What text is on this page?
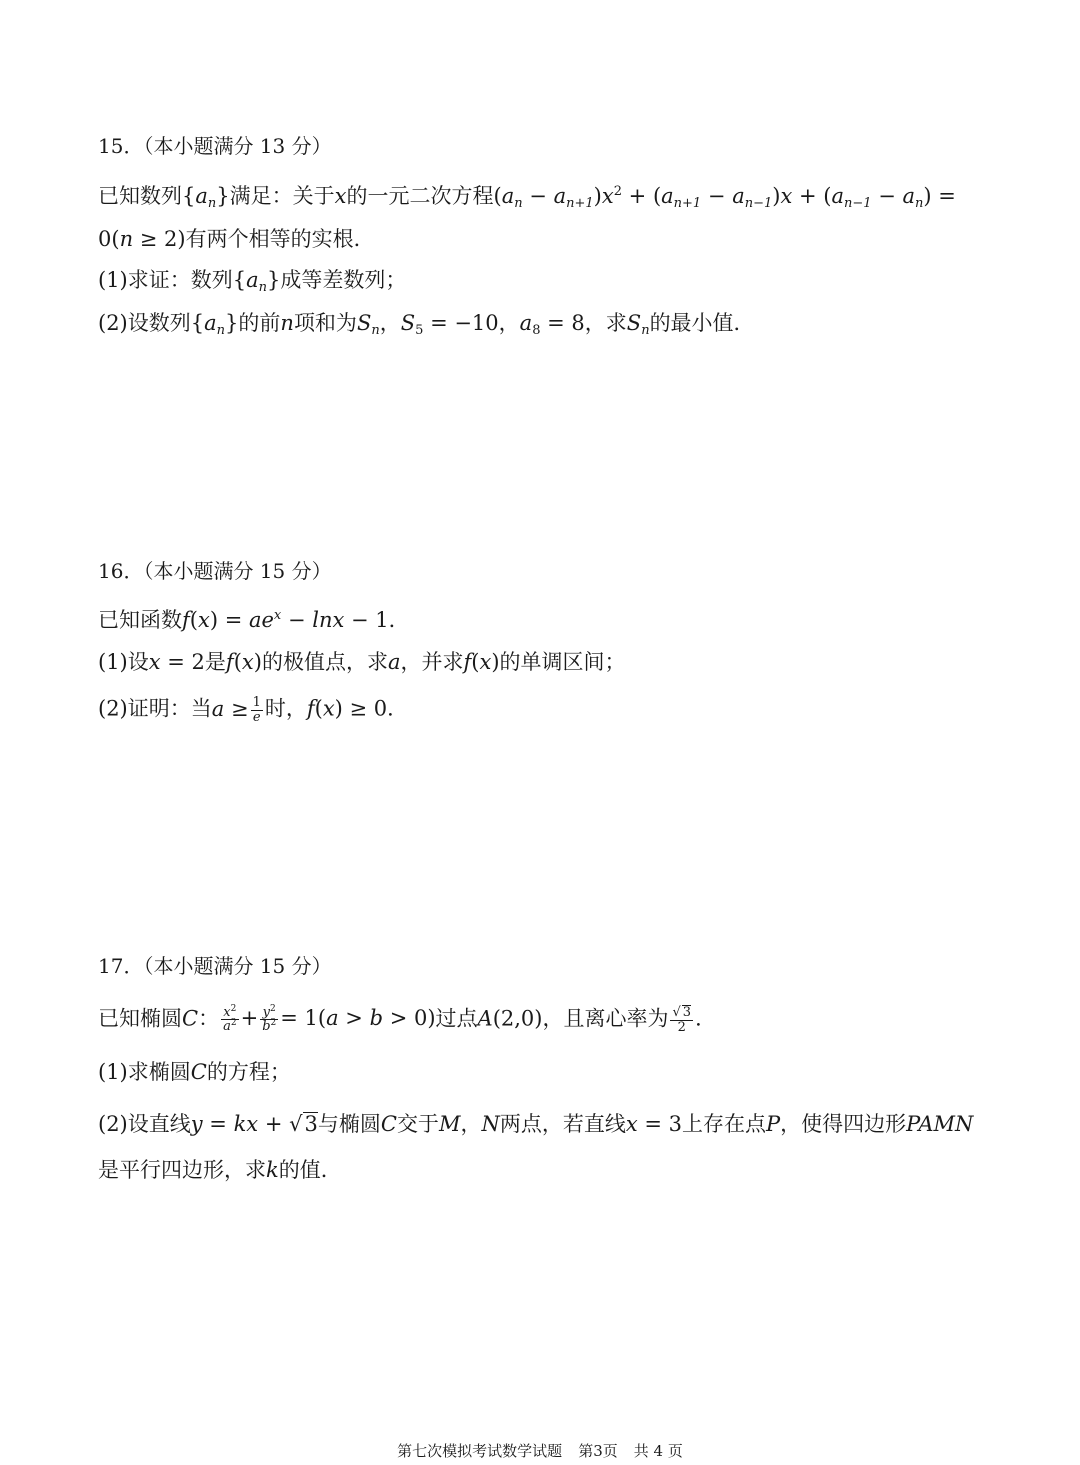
15．（本小题满分 13 分）
已知数列$\{a_n\}$满足：关于x的一元二次方程$(a_n - a_{n+1})x^2 + (a_{n+1} - a_{n-1})x + (a_{n-1} - a_n)$ =
0(n ≥ 2)有两个相等的实根．
(1)求证：数列$\{a_n\}$成等差数列；
(2)设数列$\{a_n\}$的前n项和为$S_n$，$S_5 = -10$，$a_8 = 8$，求$S_n$的最小值．
16．（本小题满分 15 分）
已知函数$f(x) = ae^x - \ln x - 1$．
(1)设x = 2是f(x)的极值点，求a，并求f(x)的单调区间；
(2)证明：当$a \ge \frac{1}{e}$ 时，f(x) ≥ 0．
17．（本小题满分 15 分）
已知椭圆C： $\frac{x^2}{a^2} + \frac{y^2}{b^2} = 1(a > b > 0)$过点A(2,0)，且离心率为 $\frac{√ 3}{2}$ ．
(1)求椭圆C的方程；
(2)设直线y = kx + √3与椭圆C交于M，N两点，若直线x = 3上存在点P，使得四边形PAMN
是平行四边形，求k的值．
第七次模拟考试数学试题 第3页 共 4 页
